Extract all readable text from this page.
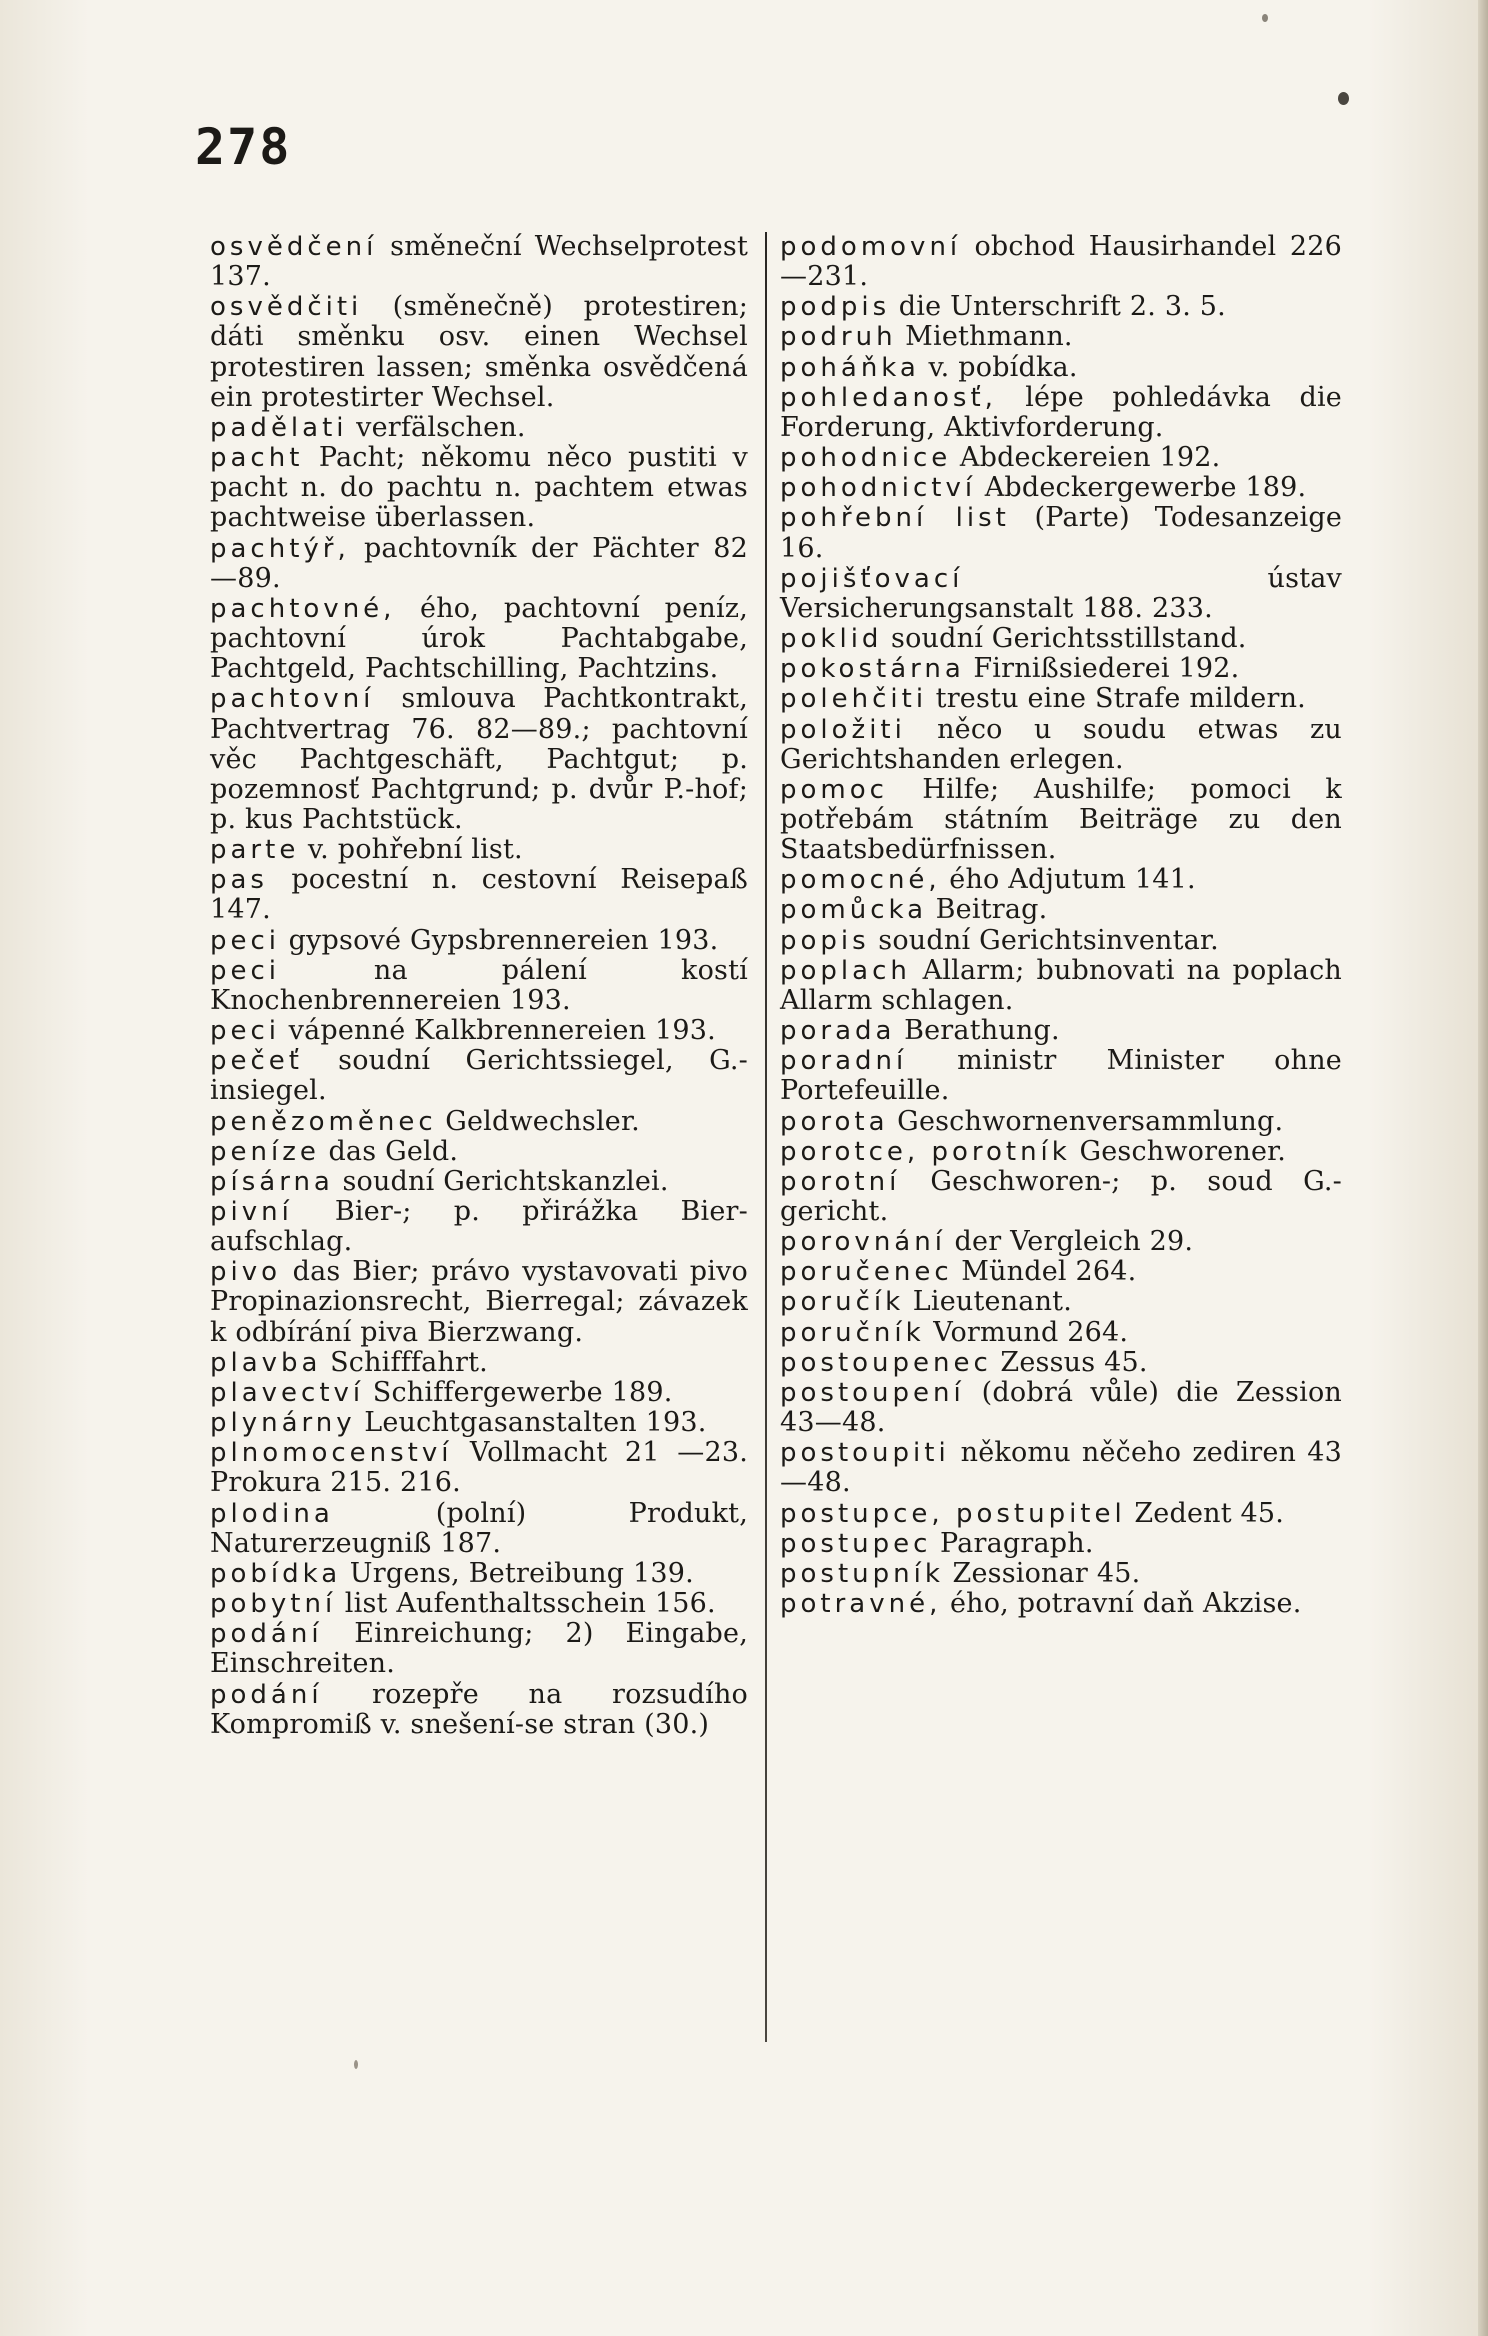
278

osvědčení směneční Wechselprotest 137.

osvědčiti (směnečně) protestiren; dáti směnku osv. einen Wechsel protestiren lassen; směnka osvědčená ein protestirter Wechsel.

padělati verfälschen.

pacht Pacht; někomu něco pustiti v pacht n. do pachtu n. pachtem etwas pachtweise überlassen.

pachtýř, pachtovník der Pächter 82—89.

pachtovné, ého, pachtovní peníz, pachtovní úrok Pachtabgabe, Pachtgeld, Pachtschilling, Pachtzins.

pachtovní smlouva Pachtkontrakt, Pachtvertrag 76. 82—89.; pachtovní věc Pachtgeschäft, Pachtgut; p. pozemnosť Pachtgrund; p. dvůr P.-hof; p. kus Pachtstück.

parte v. pohřební list.

pas pocestní n. cestovní Reisepaß 147.

peci gypsové Gypsbrennereien 193.

peci	na pálení kostí Knochenbrennereien 193.

peci vápenné Kalkbrennereien 193.

pečeť soudní Gerichtssiegel, G.-insiegel.

penězoměnec Geldwechsler.

peníze das Geld.

písárna soudní Gerichtskanzlei.

pivní Bier-; p. přirážka Bier-aufschlag.

pivo das Bier; právo vystavovati pivo Propinazionsrecht, Bierregal; závazek k odbírání piva Bierzwang.

plavba Schifffahrt.

plavectví Schiffergewerbe 189.

plynárny Leuchtgasanstalten 193.

plnomocenství Vollmacht 21 —23. Prokura 215. 216.

plodina	(polní) Produkt, Naturerzeugniß 187.

pobídka Urgens, Betreibung 139.

pobytní list Aufenthaltsschein 156.

podání Einreichung; 2) Eingabe, Einschreiten.

podání rozepře na rozsudího Kompromiß v. snešení-se stran (30.)

podomovní obchod Hausirhandel 226—231.

podpis die Unterschrift 2. 3. 5.

podruh Miethmann.

poháňka v. pobídka.

pohledanosť, lépe pohledávka die Forderung, Aktivforderung.

pohodnice Abdeckereien 192.

pohodnictví Abdeckergewerbe 189.

pohřební list (Parte) Todesanzeige 16.

pojišťovací	ústav Versicherungsanstalt 188. 233.

poklid soudní Gerichtsstillstand.

pokostárna Firnißsiederei 192.

polehčiti trestu eine Strafe mildern.

položiti něco u soudu etwas zu Gerichtshanden erlegen.

pomoc Hilfe; Aushilfe; pomoci k potřebám státním Beiträge zu den Staatsbedürfnissen.

pomocné, ého Adjutum 141.

pomůcka Beitrag.

popis soudní Gerichtsinventar.

poplach Allarm; bubnovati na poplach Allarm schlagen.

porada Berathung.

poradní ministr Minister ohne Portefeuille.

porota Geschwornenversammlung.

porotce, porotník Geschworener.

porotní Geschworen-; p. soud G.-gericht.

porovnání der Vergleich 29.

poručenec Mündel 264.

poručík Lieutenant.

poručník Vormund 264.

postoupenec Zessus 45.

postoupení (dobrá vůle) die Zession 43—48.

postoupiti někomu něčeho zediren 43—48.

postupce, postupitel Zedent 45.

postupec Paragraph.

postupník Zessionar 45.

potravné, ého, potravní daň Akzise.
